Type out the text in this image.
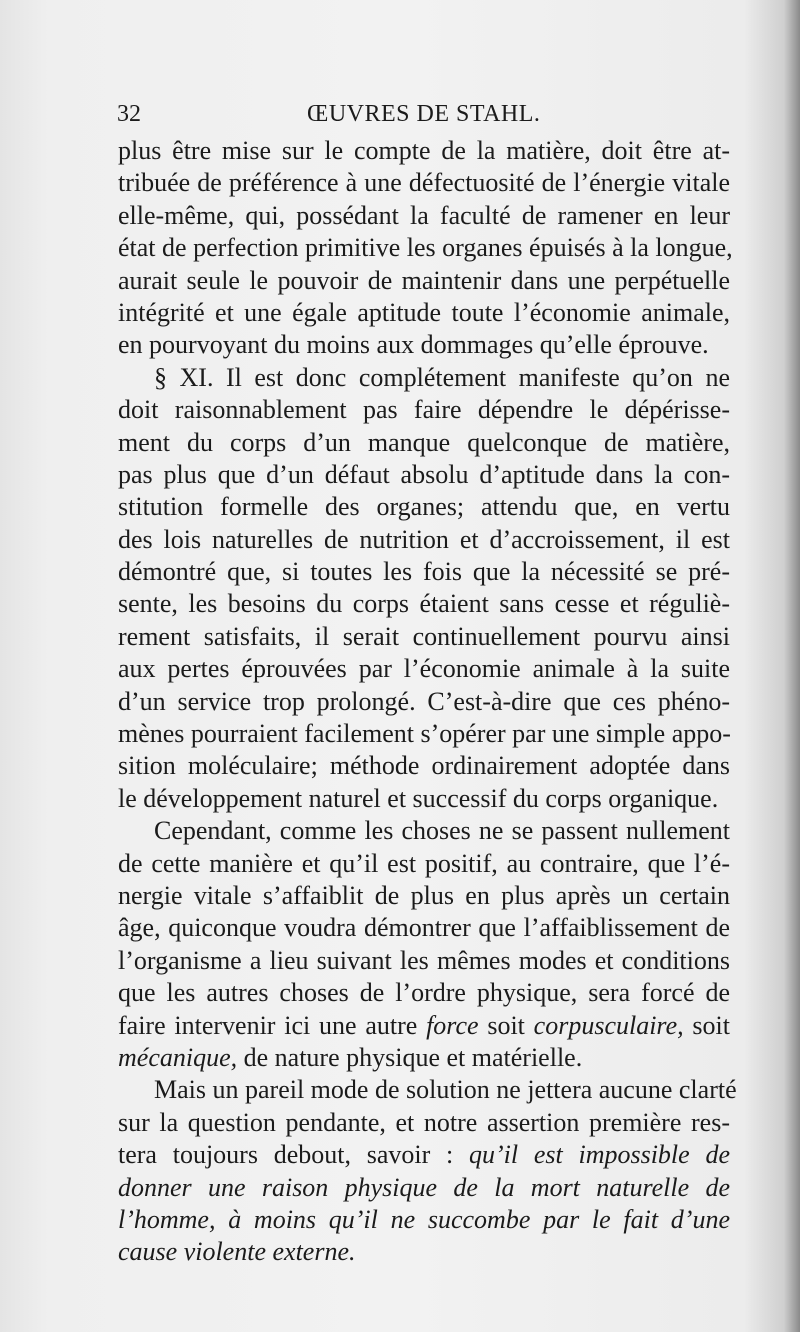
32	ŒUVRES DE STAHL.
plus être mise sur le compte de la matière, doit être at-
tribuée de préférence à une défectuosité de l’énergie vitale
elle-même, qui, possédant la faculté de ramener en leur
état de perfection primitive les organes épuisés à la longue,
aurait seule le pouvoir de maintenir dans une perpétuelle
intégrité et une égale aptitude toute l’économie animale,
en pourvoyant du moins aux dommages qu’elle éprouve.
§ XI. Il est donc complétement manifeste qu’on ne
doit raisonnablement pas faire dépendre le dépérisse-
ment du corps d’un manque quelconque de matière,
pas plus que d’un défaut absolu d’aptitude dans la con-
stitution formelle des organes; attendu que, en vertu
des lois naturelles de nutrition et d’accroissement, il est
démontré que, si toutes les fois que la nécessité se pré-
sente, les besoins du corps étaient sans cesse et réguliè-
rement satisfaits, il serait continuellement pourvu ainsi
aux pertes éprouvées par l’économie animale à la suite
d’un service trop prolongé. C’est-à-dire que ces phéno-
mènes pourraient facilement s’opérer par une simple appo-
sition moléculaire; méthode ordinairement adoptée dans
le développement naturel et successif du corps organique.
Cependant, comme les choses ne se passent nullement
de cette manière et qu’il est positif, au contraire, que l’é-
nergie vitale s’affaiblit de plus en plus après un certain
âge, quiconque voudra démontrer que l’affaiblissement de
l’organisme a lieu suivant les mêmes modes et conditions
que les autres choses de l’ordre physique, sera forcé de
faire intervenir ici une autre force soit corpusculaire, soit
mécanique, de nature physique et matérielle.
Mais un pareil mode de solution ne jettera aucune clarté
sur la question pendante, et notre assertion première res-
tera toujours debout, savoir : qu’il est impossible de
donner une raison physique de la mort naturelle de
l’homme, à moins qu’il ne succombe par le fait d’une
cause violente externe.
